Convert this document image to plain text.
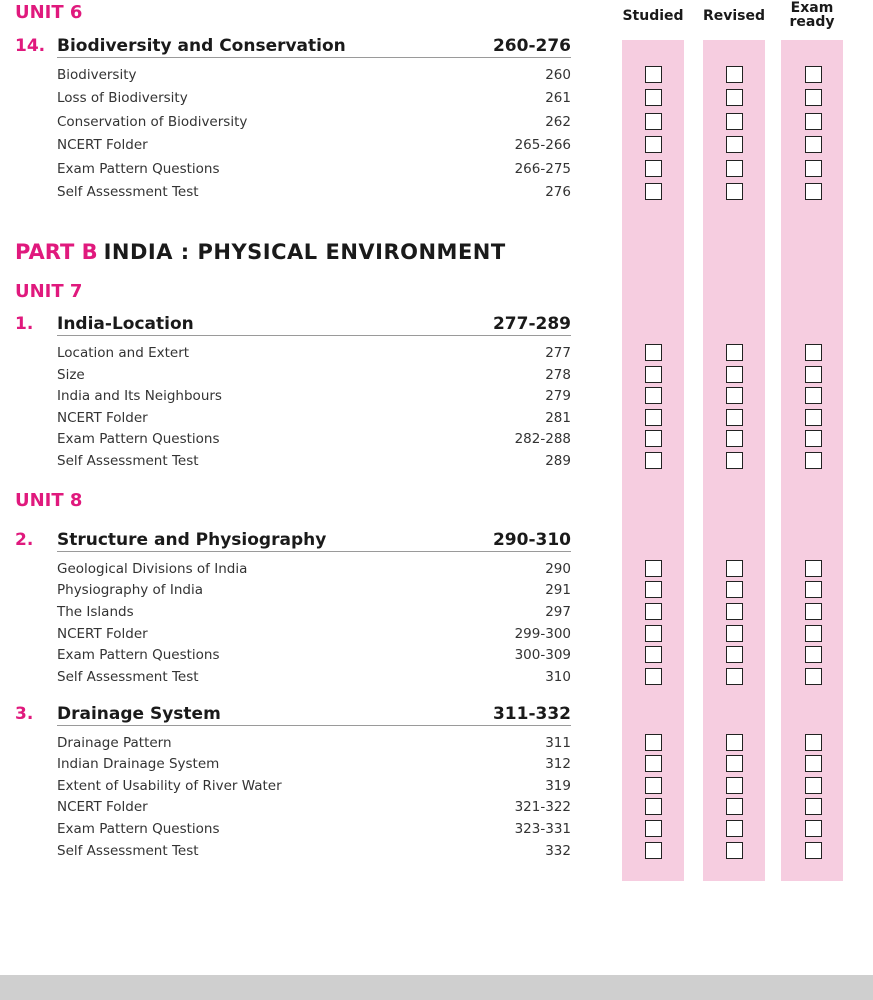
Studied	Revised	Exam ready
UNIT 6
PART B INDIA : PHYSICAL ENVIRONMENT
UNIT 7
UNIT 8
14. Biodiversity and Conservation	260-276
Biodiversity	260
Loss of Biodiversity	261
Conservation of Biodiversity	262
NCERT Folder	265-266
Exam Pattern Questions	266-275
Self Assessment Test	276
1. India-Location	277-289
Location and Extert	277
Size	278
India and Its Neighbours	279
NCERT Folder	281
Exam Pattern Questions	282-288
Self Assessment Test	289
2. Structure and Physiography	290-310
Geological Divisions of India	290
Physiography of India	291
The Islands	297
NCERT Folder	299-300
Exam Pattern Questions	300-309
Self Assessment Test	310
3. Drainage System	311-332
Drainage Pattern	311
Indian Drainage System	312
Extent of Usability of River Water	319
NCERT Folder	321-322
Exam Pattern Questions	323-331
Self Assessment Test	332
